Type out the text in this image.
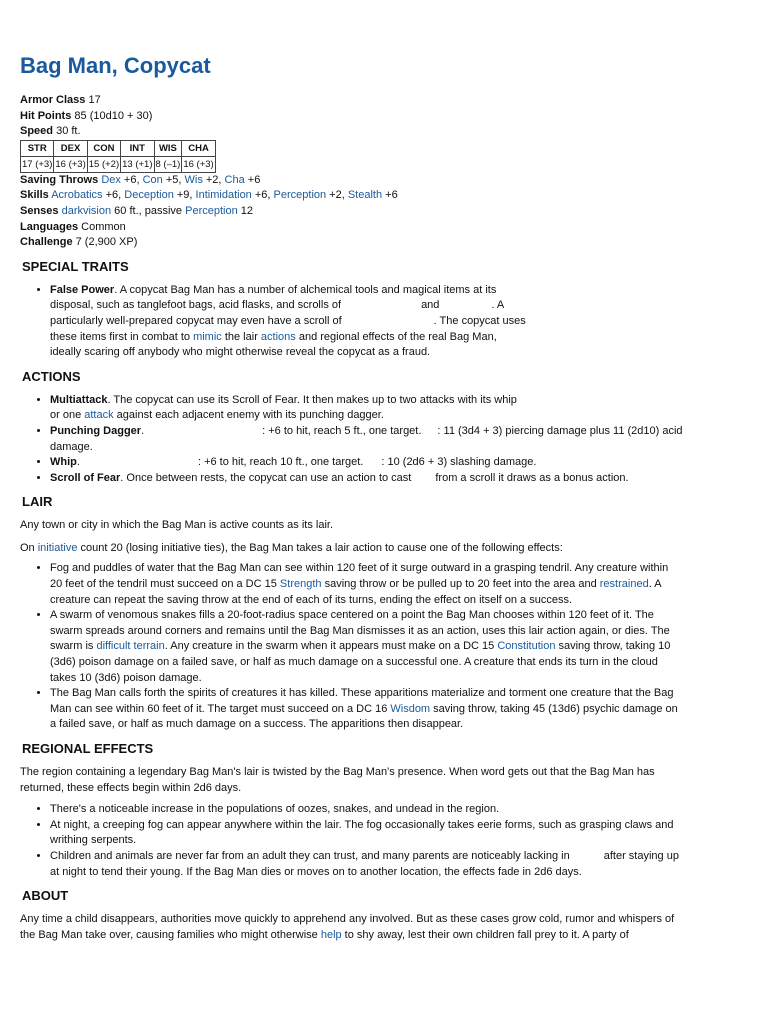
Bag Man, Copycat
Armor Class 17
Hit Points 85 (10d10 + 30)
Speed 30 ft.
STR	DEX	CON	INT	WIS	CHA
17 (+3)	16 (+3)	15 (+2)	13 (+1)	8 (–1)	16 (+3)
Saving Throws Dex +6, Con +5, Wis +2, Cha +6
Skills Acrobatics +6, Deception +9, Intimidation +6, Perception +2, Stealth +6
Senses darkvision 60 ft., passive Perception 12
Languages Common
Challenge 7 (2,900 XP)
SPECIAL TRAITS
• False Power. A copycat Bag Man has a number of alchemical tools and magical items at its
disposal, such as tanglefoot bags, acid flasks, and scrolls of	and	. A
particularly well-prepared copycat may even have a scroll of	. The copycat uses
these items first in combat to mimic the lair actions and regional effects of the real Bag Man,
ideally scaring off anybody who might otherwise reveal the copycat as a fraud.
ACTIONS
• Multiattack. The copycat can use its Scroll of Fear. It then makes up to two attacks with its whip
or one attack against each adjacent enemy with its punching dagger.
• Punching Dagger.	: +6 to hit, reach 5 ft., one target. : 11 (3d4 + 3) piercing damage plus 11 (2d10) acid
damage.
• Whip.	: +6 to hit, reach 10 ft., one target. : 10 (2d6 + 3) slashing damage.
• Scroll of Fear. Once between rests, the copycat can use an action to cast from a scroll it draws as a bonus action.
LAIR

Any town or city in which the Bag Man is active counts as its lair.

On initiative count 20 (losing initiative ties), the Bag Man takes a lair action to cause one of the following effects:

• Fog and puddles of water that the Bag Man can see within 120 feet of it surge outward in a grasping tendril. Any creature within
20 feet of the tendril must succeed on a DC 15 Strength saving throw or be pulled up to 20 feet into the area and restrained. A
creature can repeat the saving throw at the end of each of its turns, ending the effect on itself on a success.
• A swarm of venomous snakes fills a 20-foot-radius space centered on a point the Bag Man chooses within 120 feet of it. The
swarm spreads around corners and remains until the Bag Man dismisses it as an action, uses this lair action again, or dies. The
swarm is difficult terrain. Any creature in the swarm when it appears must make on a DC 15 Constitution saving throw, taking 10
(3d6) poison damage on a failed save, or half as much damage on a successful one. A creature that ends its turn in the cloud
takes 10 (3d6) poison damage.
• The Bag Man calls forth the spirits of creatures it has killed. These apparitions materialize and torment one creature that the Bag
Man can see within 60 feet of it. The target must succeed on a DC 16 Wisdom saving throw, taking 45 (13d6) psychic damage on
a failed save, or half as much damage on a success. The apparitions then disappear.
REGIONAL EFFECTS

The region containing a legendary Bag Man's lair is twisted by the Bag Man's presence. When word gets out that the Bag Man has
returned, these effects begin within 2d6 days.

• There's a noticeable increase in the populations of oozes, snakes, and undead in the region.
• At night, a creeping fog can appear anywhere within the lair. The fog occasionally takes eerie forms, such as grasping claws and
writhing serpents.
• Children and animals are never far from an adult they can trust, and many parents are noticeably lacking in	after staying up
at night to tend their young. If the Bag Man dies or moves on to another location, the effects fade in 2d6 days.
ABOUT

Any time a child disappears, authorities move quickly to apprehend any involved. But as these cases grow cold, rumor and whispers of
the Bag Man take over, causing families who might otherwise help to shy away, lest their own children fall prey to it. A party of
